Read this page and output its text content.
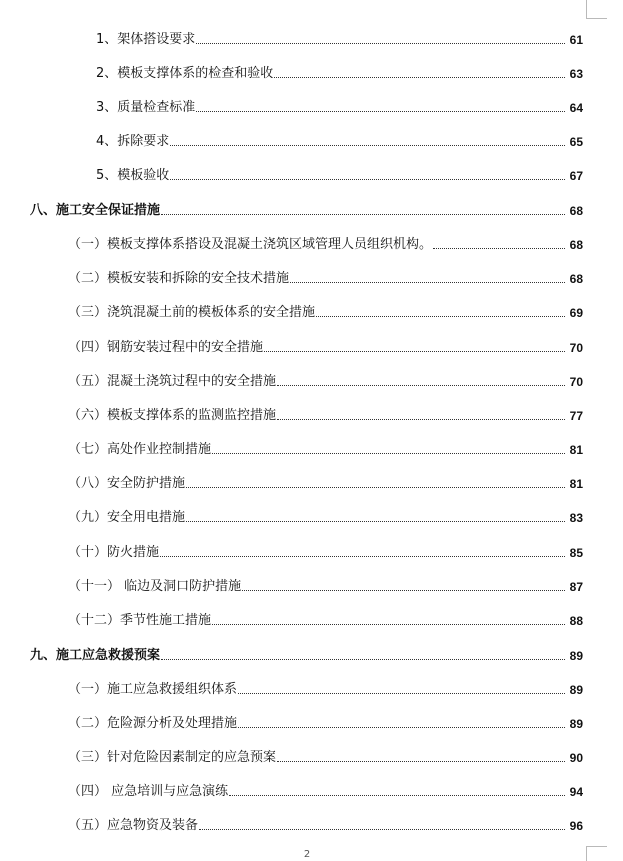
1、架体搭设要求	61
2、模板支撑体系的检查和验收	63
3、质量检查标准	64
4、拆除要求	65
5、模板验收	67
八、施工安全保证措施	68
（一）模板支撑体系搭设及混凝土浇筑区域管理人员组织机构。	68
（二）模板安装和拆除的安全技术措施	68
（三）浇筑混凝土前的模板体系的安全措施	69
（四）钢筋安装过程中的安全措施	70
（五）混凝土浇筑过程中的安全措施	70
（六）模板支撑体系的监测监控措施	77
（七）高处作业控制措施	81
（八）安全防护措施	81
（九）安全用电措施	83
（十）防火措施	85
（十一） 临边及洞口防护措施	87
（十二）季节性施工措施	88
九、施工应急救援预案	89
（一）施工应急救援组织体系	89
（二）危险源分析及处理措施	89
（三）针对危险因素制定的应急预案	90
（四） 应急培训与应急演练	94
（五）应急物资及装备	96
2
